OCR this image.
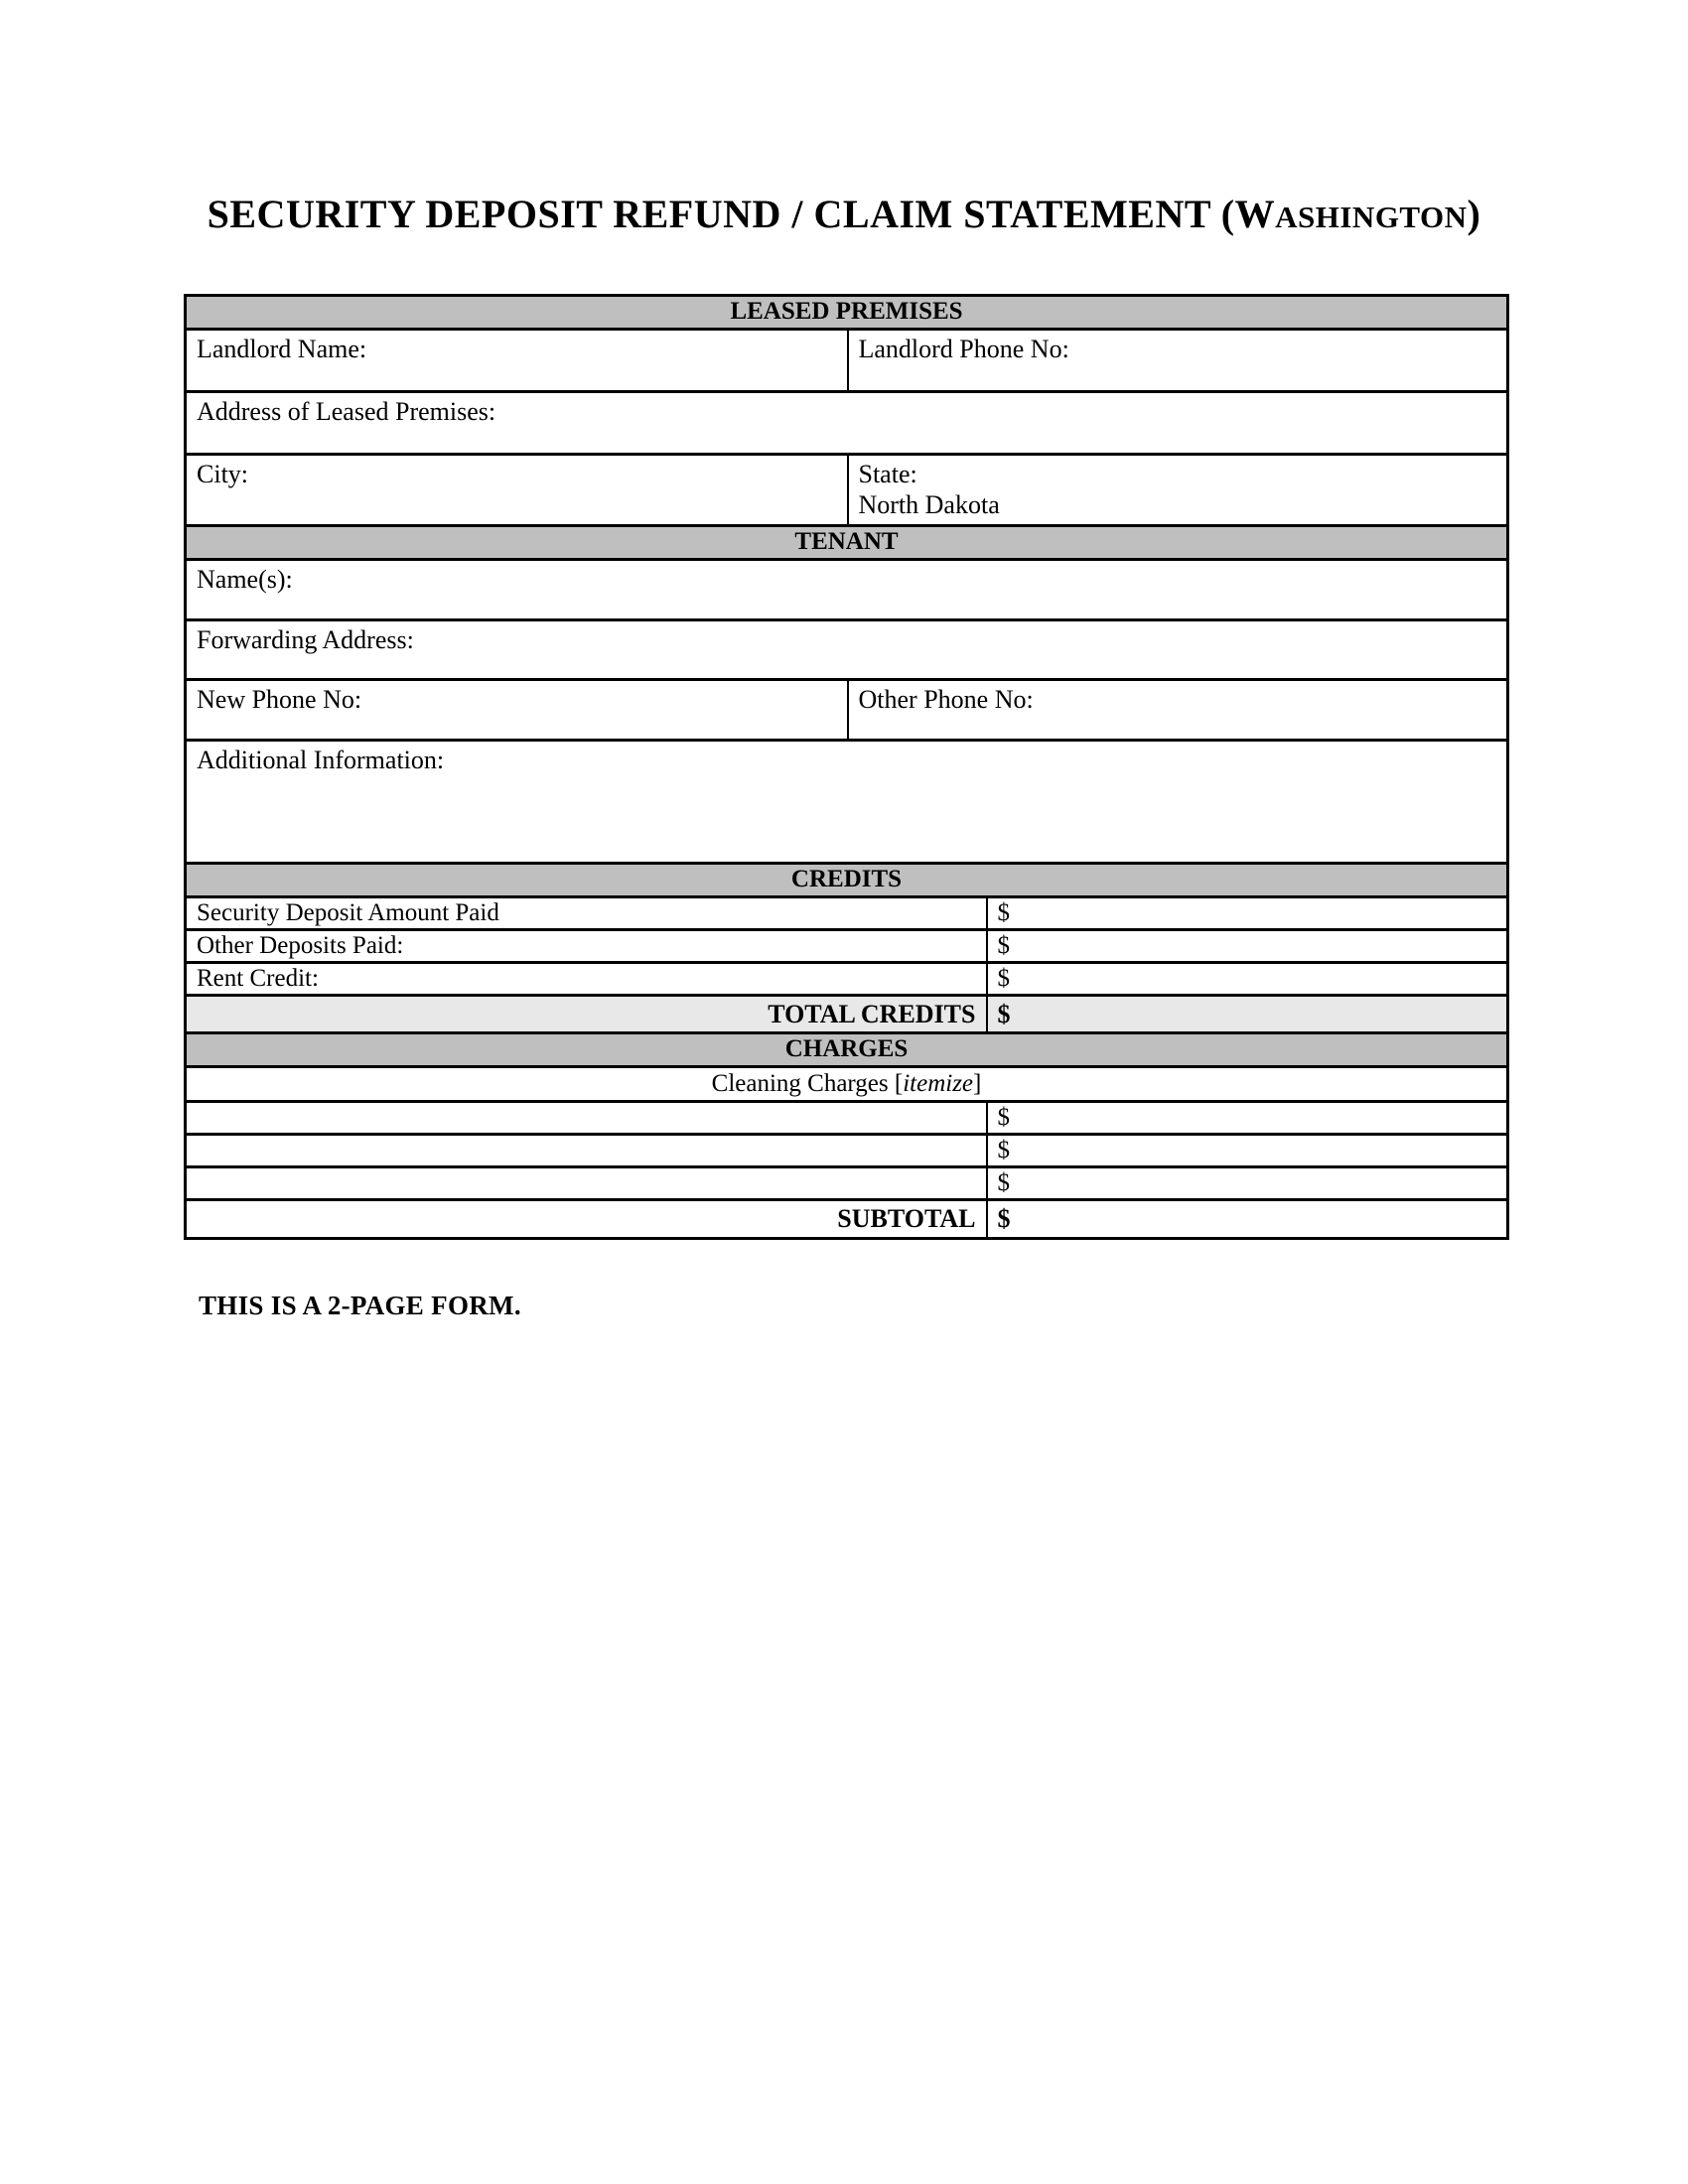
SECURITY DEPOSIT REFUND / CLAIM STATEMENT (WASHINGTON)
LEASED PREMISES		
Landlord Name:	Landlord Phone No:	
Address of Leased Premises:		
City:	State:
North Dakota	

TENANT		
Name(s):		
Forwarding Address:		
New Phone No:	Other Phone No:	
Additional Information:		
CREDITS		
Security Deposit Amount Paid		$
Other Deposits Paid:		$
Rent Credit:		$
TOTAL CREDITS		$
CHARGES		
Cleaning Charges [itemize]		
		$
		$
		$
SUBTOTAL		$
THIS IS A 2-PAGE FORM.
